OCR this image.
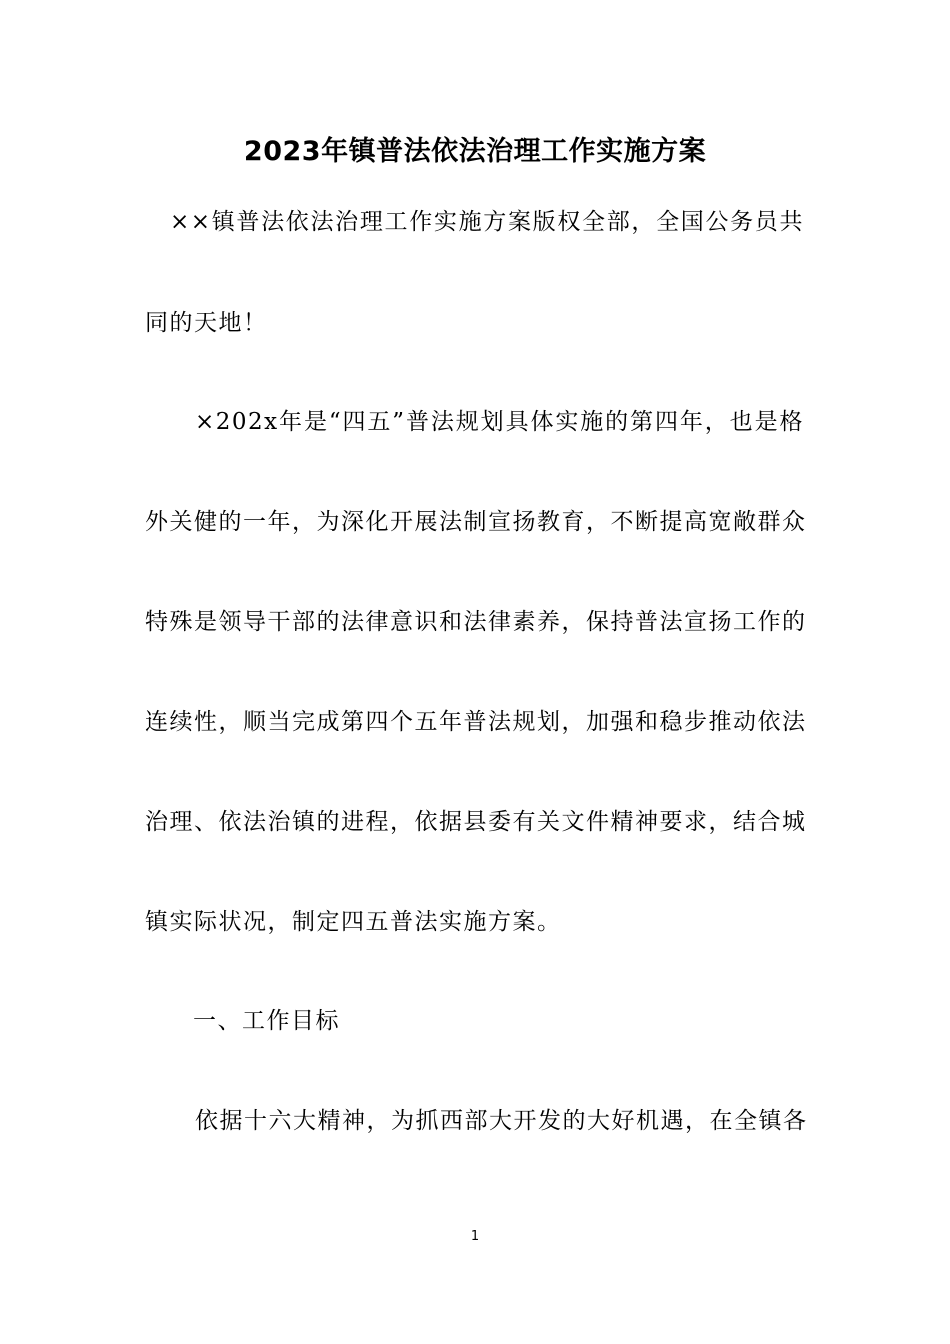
2023年镇普法依法治理工作实施方案
××镇普法依法治理工作实施方案版权全部，全国公务员共
同的天地！
×202x年是“四五”普法规划具体实施的第四年，也是格
外关健的一年，为深化开展法制宣扬教育，不断提高宽敞群众
特殊是领导干部的法律意识和法律素养，保持普法宣扬工作的
连续性，顺当完成第四个五年普法规划，加强和稳步推动依法
治理、依法治镇的进程，依据县委有关文件精神要求，结合城
镇实际状况，制定四五普法实施方案。
一、工作目标
依据十六大精神，为抓西部大开发的大好机遇，在全镇各
1
